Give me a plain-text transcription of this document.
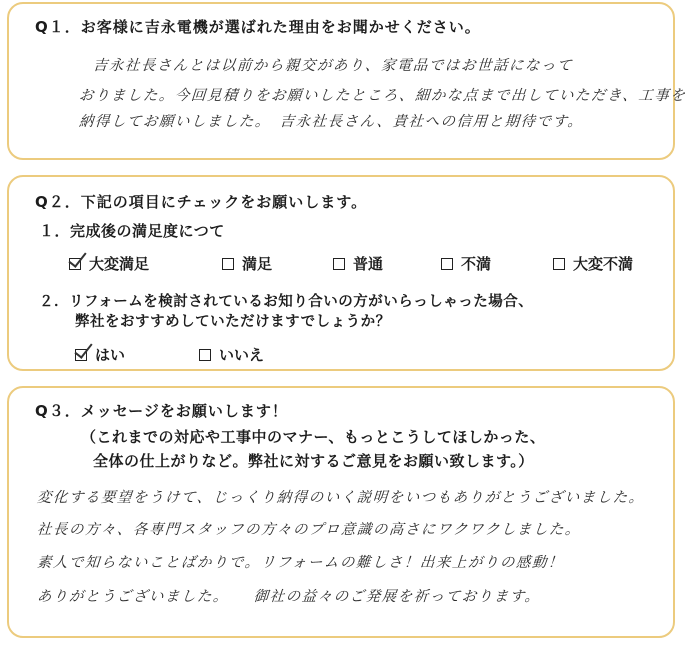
Q１．お客様に吉永電機が選ばれた理由をお聞かせください。
吉永社長さんとは以前から親交があり、家電品ではお世話になって
おりました。今回見積りをお願いしたところ、細かな点まで出していただき、工事を
納得してお願いしました。　吉永社長さん、貴社への信用と期待です。
Q２．下記の項目にチェックをお願いします。
１．完成後の満足度につて
大変満足	満足	普通	不満	大変不満
２．リフォームを検討されているお知り合いの方がいらっしゃった場合、
弊社をおすすめしていただけますでしょうか？
はい	いいえ
Q３．メッセージをお願いします！
（これまでの対応や工事中のマナー、もっとこうしてほしかった、
全体の仕上がりなど。弊社に対するご意見をお願い致します。）
変化する要望をうけて、じっくり納得のいく説明をいつもありがとうございました。
社長の方々、各専門スタッフの方々のプロ意識の高さにワクワクしました。
素人で知らないことばかりで。リフォームの難しさ！出来上がりの感動！
ありがとうございました。　　御社の益々のご発展を祈っております。
